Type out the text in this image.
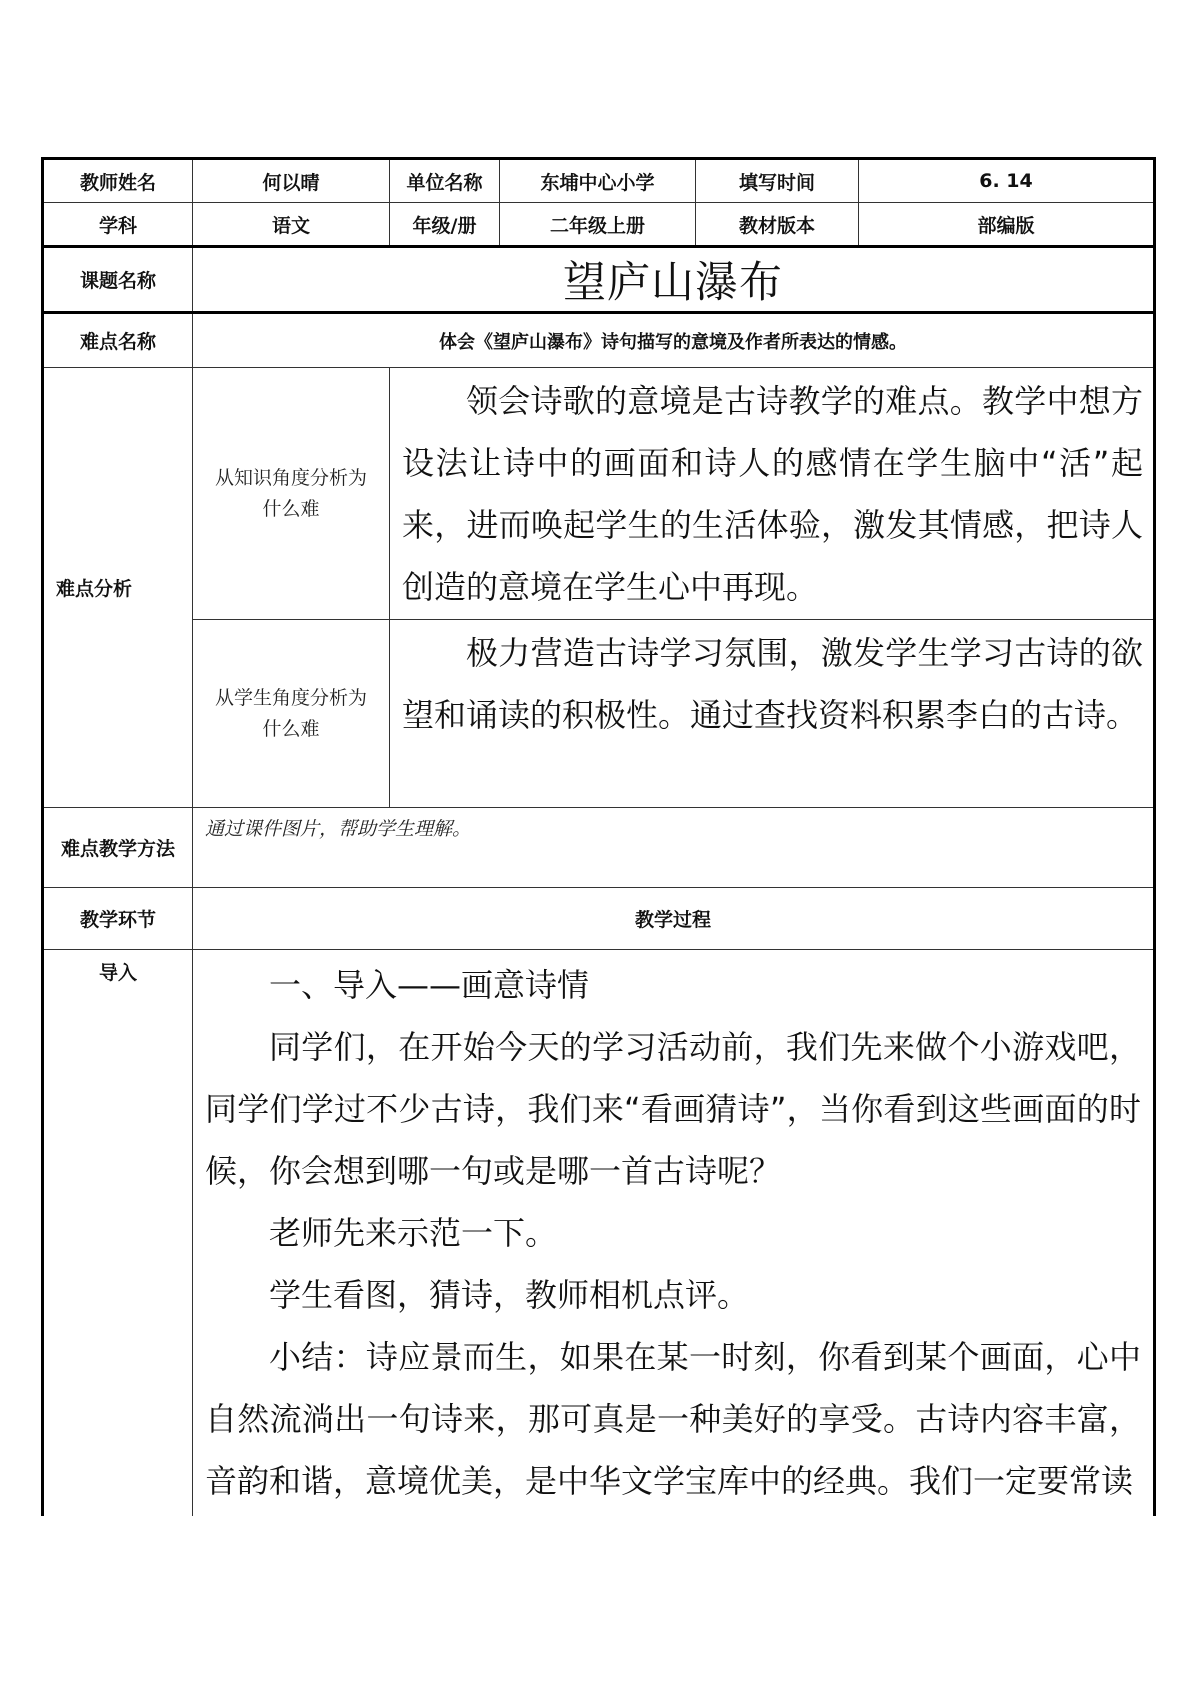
教师姓名	何以晴	单位名称	东埔中心小学	填写时间	6. 14
学科	语文	年级/册	二年级上册	教材版本	部编版
课题名称	望庐山瀑布				
难点名称	体会《望庐山瀑布》诗句描写的意境及作者所表达的情感。				
难点分析	从知识角度分析为什么难	领会诗歌的意境是古诗教学的难点。教学中想方设法让诗中的画面和诗人的感情在学生脑中“活”起来，进而唤起学生的生活体验，激发其情感，把诗人创造的意境在学生心中再现。			

	从学生角度分析为什么难	极力营造古诗学习氛围，激发学生学习古诗的欲望和诵读的积极性。通过查找资料积累李白的古诗。			

难点教学方法	通过课件图片，帮助学生理解。				
教学环节	教学过程				
导入	一、导入——画意诗情

同学们，在开始今天的学习活动前，我们先来做个小游戏吧，同学们学过不少古诗，我们来“看画猜诗”，当你看到这些画面的时候，你会想到哪一句或是哪一首古诗呢？

老师先来示范一下。

学生看图，猜诗，教师相机点评。

小结：诗应景而生，如果在某一时刻，你看到某个画面，心中自然流淌出一句诗来，那可真是一种美好的享受。古诗内容丰富，音韵和谐，意境优美，是中华文学宝库中的经典。我们一定要常读				
